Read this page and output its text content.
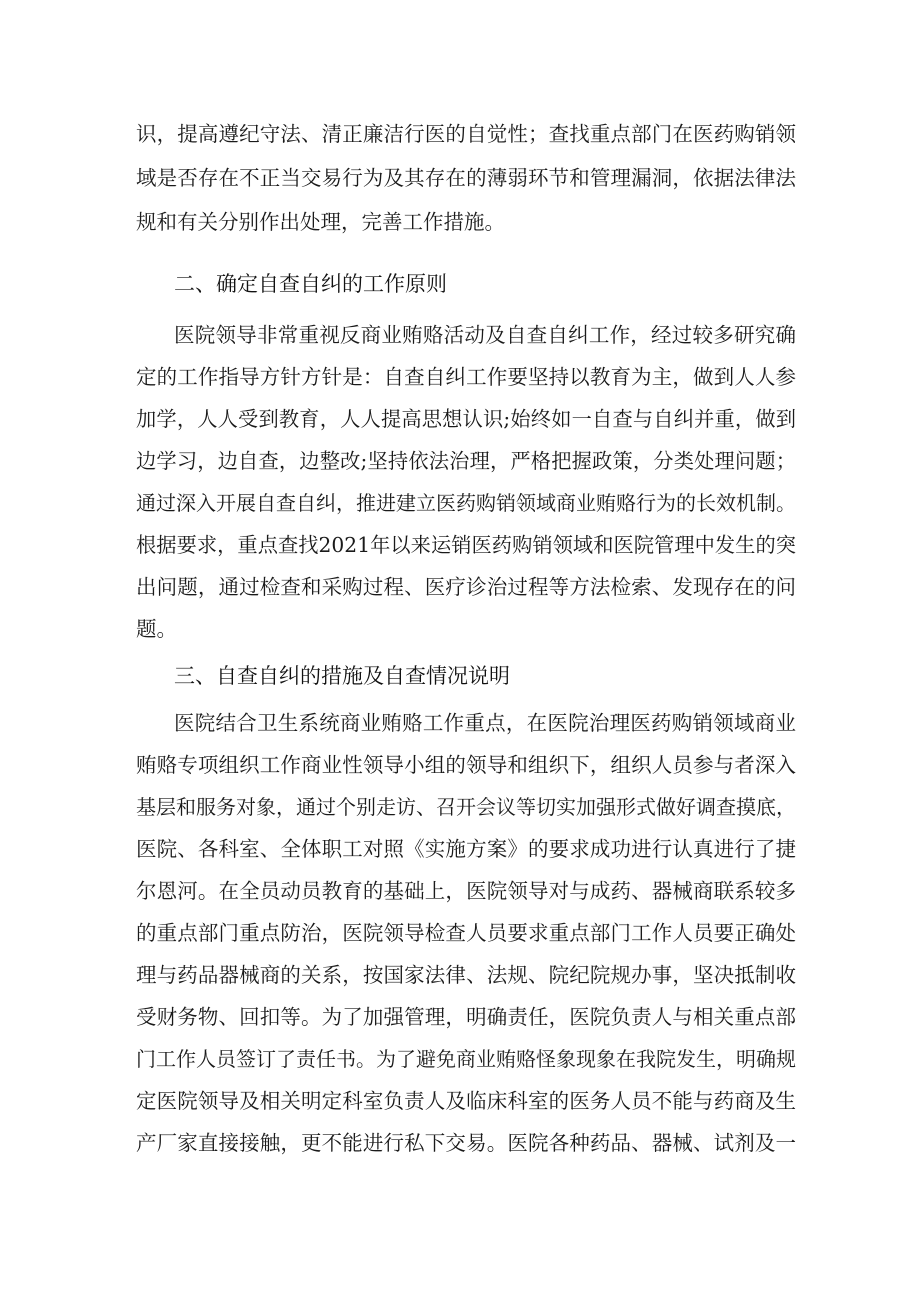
识，提高遵纪守法、清正廉洁行医的自觉性；查找重点部门在医药购销领
域是否存在不正当交易行为及其存在的薄弱环节和管理漏洞，依据法律法
规和有关分别作出处理，完善工作措施。
二、确定自查自纠的工作原则
医院领导非常重视反商业贿赂活动及自查自纠工作，经过较多研究确
定的工作指导方针方针是：自查自纠工作要坚持以教育为主，做到人人参
加学，人人受到教育，人人提高思想认识;始终如一自查与自纠并重，做到
边学习，边自查，边整改;坚持依法治理，严格把握政策，分类处理问题；
通过深入开展自查自纠，推进建立医药购销领域商业贿赂行为的长效机制。
根据要求，重点查找2021年以来运销医药购销领域和医院管理中发生的突
出问题，通过检查和采购过程、医疗诊治过程等方法检索、发现存在的问
题。
三、自查自纠的措施及自查情况说明
医院结合卫生系统商业贿赂工作重点，在医院治理医药购销领域商业
贿赂专项组织工作商业性领导小组的领导和组织下，组织人员参与者深入
基层和服务对象，通过个别走访、召开会议等切实加强形式做好调查摸底，
医院、各科室、全体职工对照《实施方案》的要求成功进行认真进行了捷
尔恩河。在全员动员教育的基础上，医院领导对与成药、器械商联系较多
的重点部门重点防治，医院领导检查人员要求重点部门工作人员要正确处
理与药品器械商的关系，按国家法律、法规、院纪院规办事，坚决抵制收
受财务物、回扣等。为了加强管理，明确责任，医院负责人与相关重点部
门工作人员签订了责任书。为了避免商业贿赂怪象现象在我院发生，明确规
定医院领导及相关明定科室负责人及临床科室的医务人员不能与药商及生
产厂家直接接触，更不能进行私下交易。医院各种药品、器械、试剂及一
